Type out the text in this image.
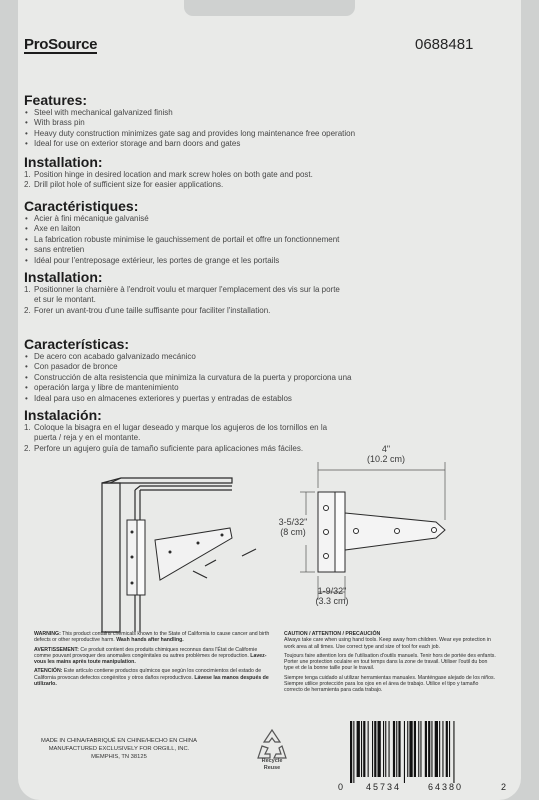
ProSource	0688481
Features:
• Steel with mechanical galvanized finish
• With brass pin
• Heavy duty construction minimizes gate sag and provides long maintenance free operation
• Ideal for use on exterior storage and barn doors and gates
Installation:
1. Position hinge in desired location and mark screw holes on both gate and post.
2. Drill pilot hole of sufficient size for easier applications.
Caractéristiques:
• Acier à fini mécanique galvanisé
• Axe en laiton
• La fabrication robuste minimise le gauchissement de portail et offre un fonctionnement
• sans entretien
• Idéal pour l'entreposage extérieur, les portes de grange et les portails
Installation:
1. Positionner la charnière à l'endroit voulu et marquer l'emplacement des vis sur la porte
et sur le montant.
2. Forer un avant-trou d'une taille suffisante pour faciliter l'installation.
Características:
• De acero con acabado galvanizado mecánico
• Con pasador de bronce
• Construcción de alta resistencia que minimiza la curvatura de la puerta y proporciona una
• operación larga y libre de mantenimiento
• Ideal para uso en almacenes exteriores y puertas y entradas de establos
Instalación:
1. Coloque la bisagra en el lugar deseado y marque los agujeros de los tornillos en la
puerta / reja y en el montante.
2. Perfore un agujero guía de tamaño suficiente para aplicaciones más fáciles.	4"
(10.2 cm)
3-5/32"
(8 cm)
1-9/32"
(3.3 cm)
WARNING: This product contains chemicals known to the State of California to cause cancer and birth defects or other reproductive harm. Wash hands after handling.
AVERTISSEMENT: Ce produit contient des produits chimiques reconnus dans l'État de Californie comme pouvant provoquer des anomalies congénitales ou autres problèmes de reproduction. Lavez-vous les mains après toute manipulation.
ATENCIÓN: Este artículo contiene productos químicos que según los conocimientos del estado de California provocan defectos congénitos y otros daños reproductivos. Lávese las manos después de utilizarlo.
CAUTION / ATTENTION / PRECAUCIÓN
Always take care when using hand tools. Keep away from children. Wear eye protection in work area at all times. Use correct type and size of tool for each job.
Toujours faire attention lors de l'utilisation d'outils manuels. Tenir hors de portée des enfants. Porter une protection oculaire en tout temps dans la zone de travail. Utiliser l'outil du bon type et de la bonne taille pour le travail.
Siempre tenga cuidado al utilizar herramientas manuales. Manténgase alejado de los niños. Siempre utilice protección para los ojos en el área de trabajo. Utilice el tipo y tamaño correcto de herramienta para cada trabajo.
MADE IN CHINA/FABRIQUÉ EN CHINE/HECHO EN CHINA
MANUFACTURED EXCLUSIVELY FOR ORGILL, INC.
MEMPHIS, TN 38125
Recycle
Reuse
0	45734	64380	2
